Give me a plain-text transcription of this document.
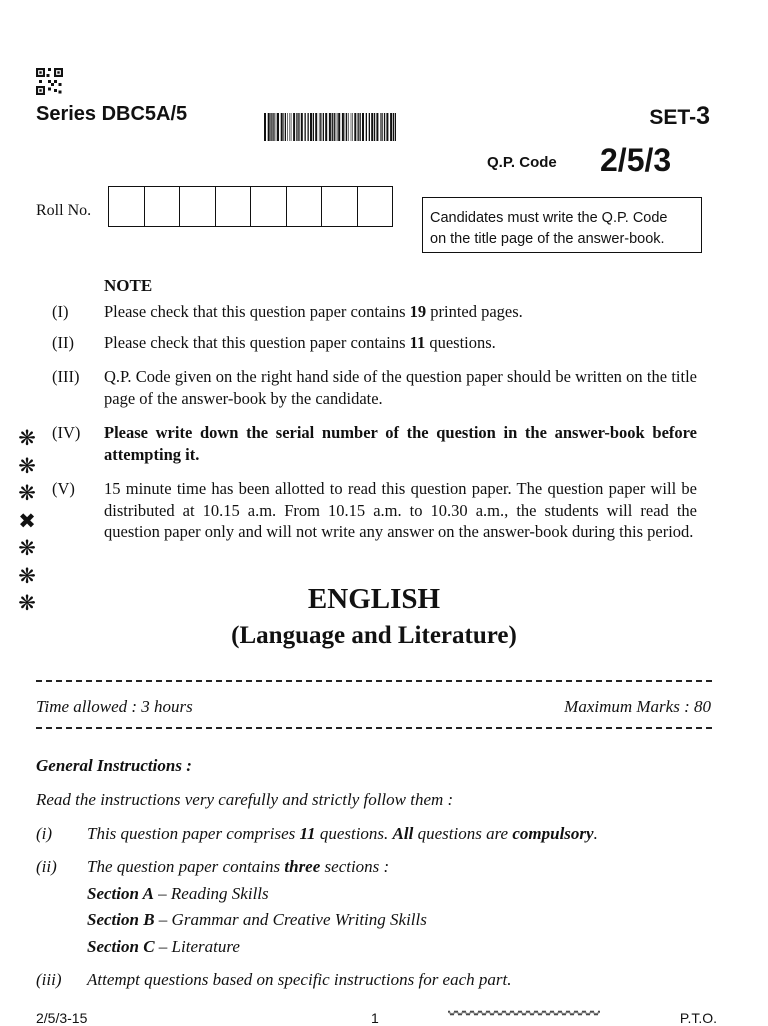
Series DBC5A/5	SET-3
Q.P. Code 2/5/3
Roll No.	Candidates must write the Q.P. Code
on the title page of the answer-book.
NOTE
(I) Please check that this question paper contains 19 printed pages.
(II) Please check that this question paper contains 11 questions.
(III) Q.P. Code given on the right hand side of the question paper should be written on the title page of the answer-book by the candidate.
(IV) Please write down the serial number of the question in the answer-book before attempting it.
(V) 15 minute time has been allotted to read this question paper. The question paper will be distributed at 10.15 a.m. From 10.15 a.m. to 10.30 a.m., the students will read the question paper only and will not write any answer on the answer-book during this period.
❋
❋
❋
✖
❋
❋
❋	ENGLISH
(Language and Literature)
Time allowed : 3 hours	Maximum Marks : 80
General Instructions :
Read the instructions very carefully and strictly follow them :
(i) This question paper comprises 11 questions. All questions are compulsory.
(ii) The question paper contains three sections :
Section A – Reading Skills
Section B – Grammar and Creative Writing Skills
Section C – Literature
(iii) Attempt questions based on specific instructions for each part.
2/5/3-15	1	P.T.O.
